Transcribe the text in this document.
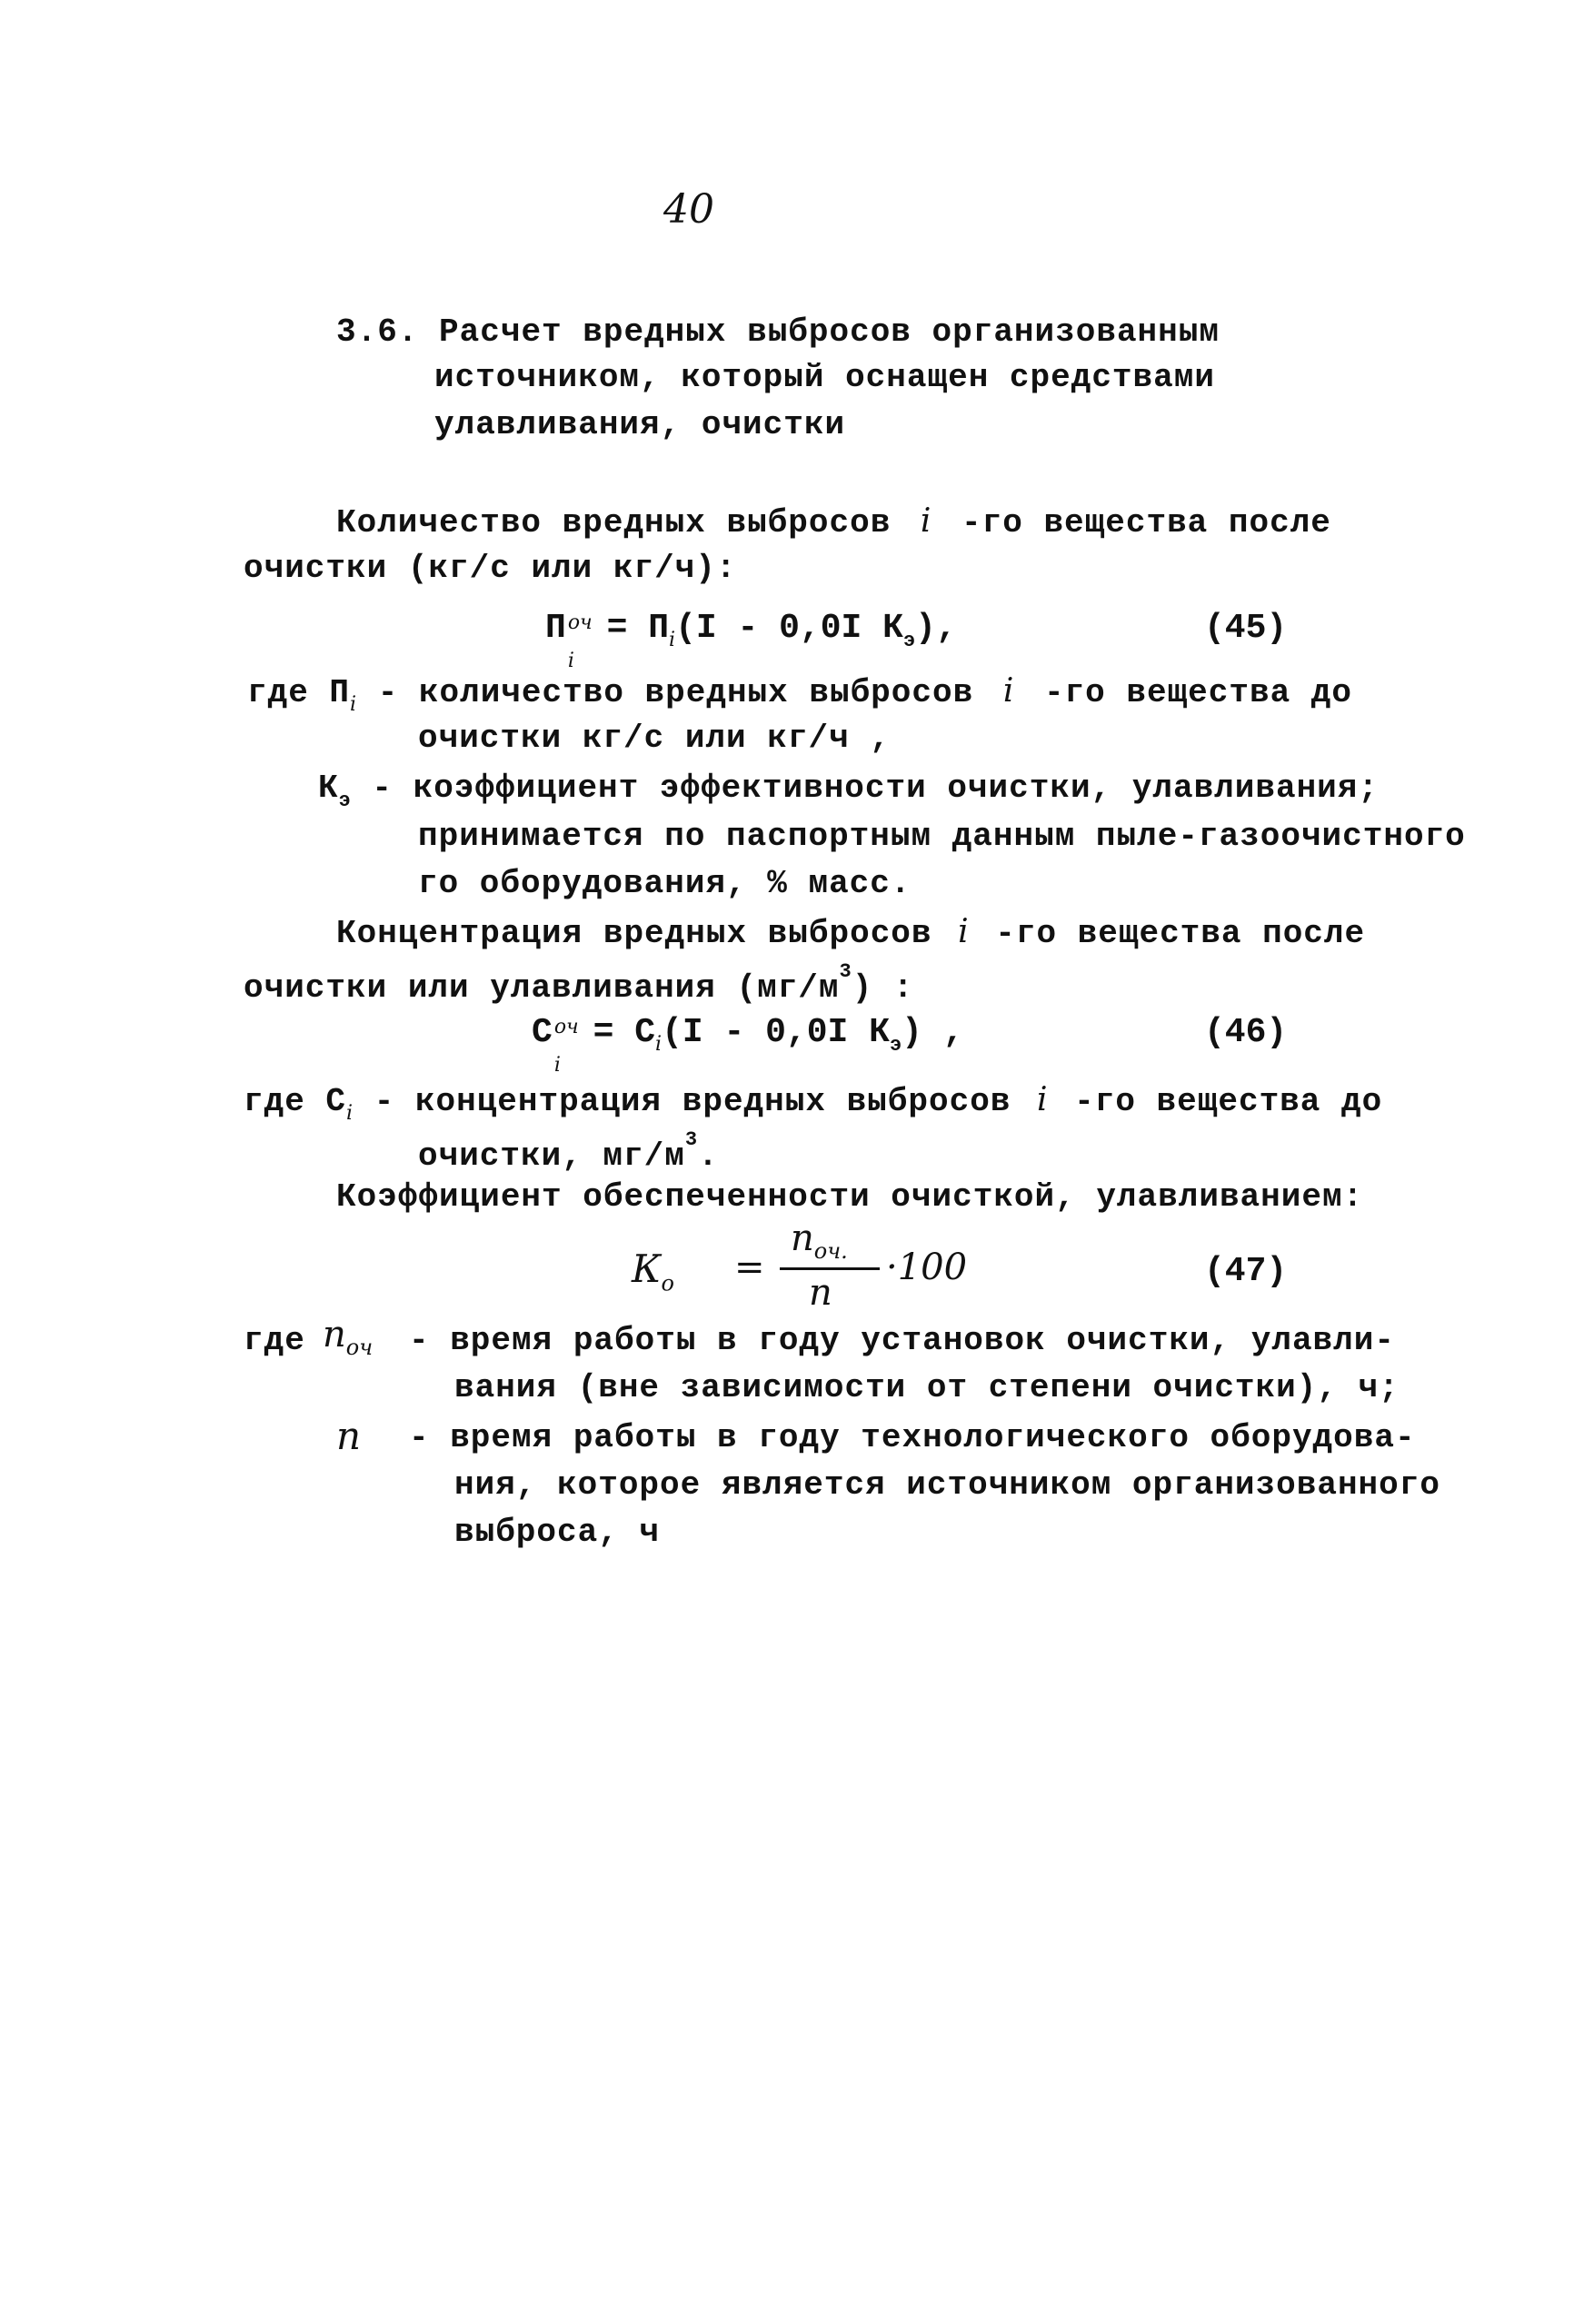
40
3.6. Расчет вредных выбросов организованным
источником, который оснащен средствами
улавливания, очистки
Количество вредных выбросов i -го вещества после
очистки (кг/с или кг/ч):
П оч
i
= $П_i(I - 0,0I$ $К_э$),	(45)
где $П_i$ - количество вредных выбросов i -го вещества до
очистки кг/с или кг/ч ,
$К_э$ - коэффициент эффективности очистки, улавливания;
принимается по паспортным данным пыле-газоочистного
го оборудования, % масс.
Концентрация вредных выбросов i -го вещества после
очистки или улавливания $(мг/м^3)$ :
С оч
i
= $С_i(I - 0,0I$ $К_э$) ,	(46)
где $С_i$ - концентрация вредных выбросов i -го вещества до
очистки, $мг/м^3$.
Коэффициент обеспеченности очисткой, улавливанием:
$К_о$ =
$n_{оч.}$
n
·100	(47)
где $n_{оч}$ - время работы в году установок очистки, улавли-
вания (вне зависимости от степени очистки), ч;
n - время работы в году технологического оборудова-
ния, которое является источником организованного
выброса, ч
